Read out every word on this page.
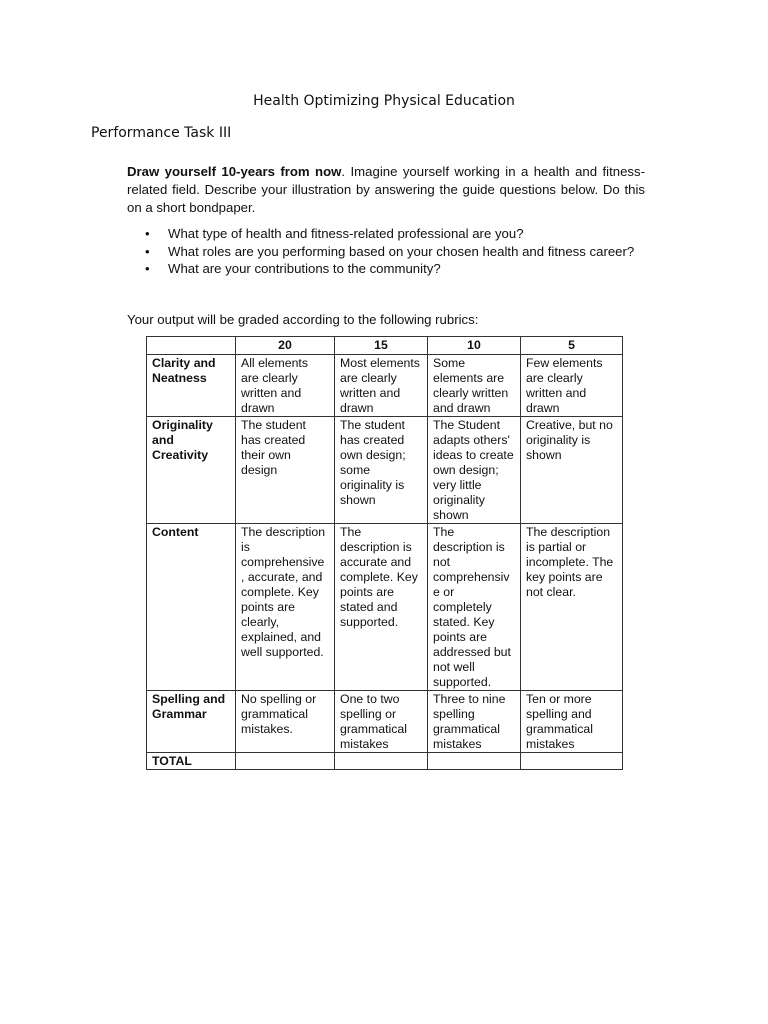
Health Optimizing Physical Education
Performance Task III

Draw yourself 10-years from now. Imagine yourself working in a health and fitness-related field. Describe your illustration by answering the guide questions below. Do this on a short bondpaper.

• What type of health and fitness-related professional are you?
• What roles are you performing based on your chosen health and fitness career?
• What are your contributions to the community?

Your output will be graded according to the following rubrics:

	20	15	10	5
Clarity and Neatness	All elements are clearly written and drawn	Most elements are clearly written and drawn	Some elements are clearly written and drawn	Few elements are clearly written and drawn
Originality and Creativity	The student has created their own design	The student has created own design; some originality is shown	The Student adapts others' ideas to create own design; very little originality shown	Creative, but no originality is shown
Content	The description is comprehensive , accurate, and complete. Key points are clearly, explained, and well supported.	The description is accurate and complete. Key points are stated and supported.	The description is not comprehensiv e or completely stated. Key points are addressed but not well supported.	The description is partial or incomplete. The key points are not clear.
Spelling and Grammar	No spelling or grammatical mistakes.	One to two spelling or grammatical mistakes	Three to nine spelling grammatical mistakes	Ten or more spelling and grammatical mistakes
TOTAL				
